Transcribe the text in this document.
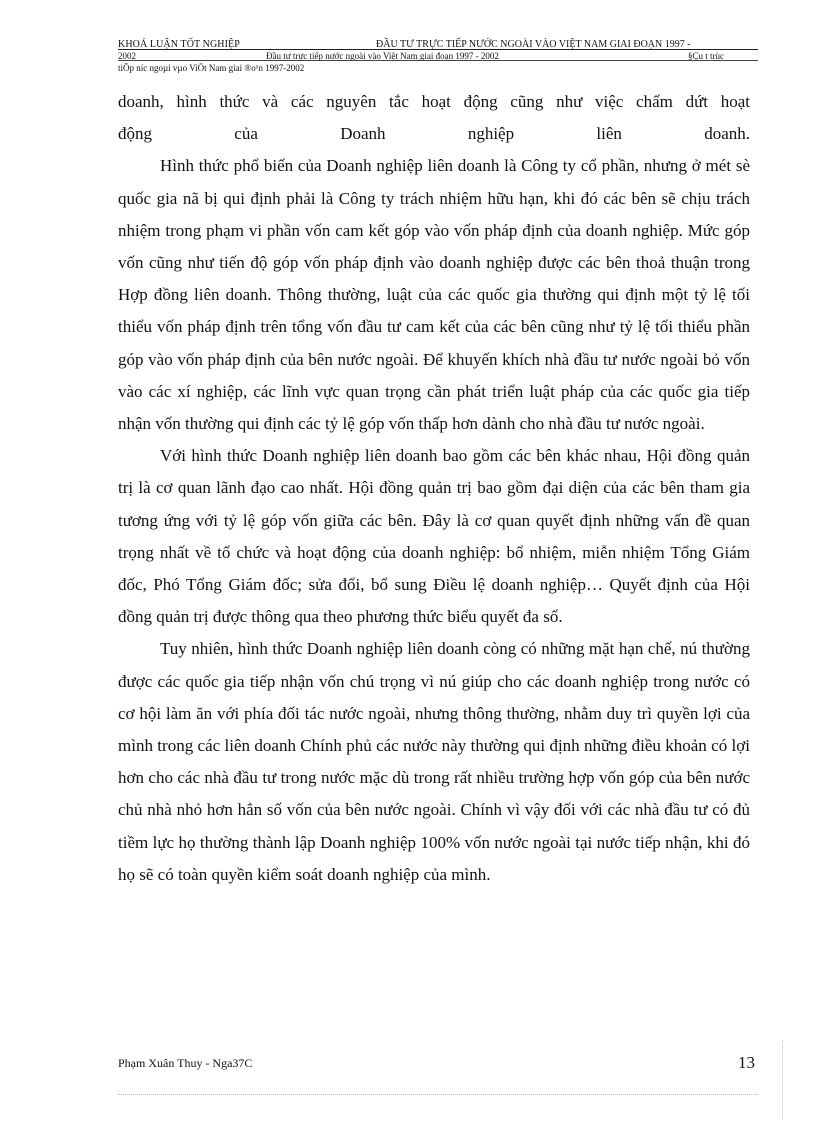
KHOÁ LUẬN TỐT NGHIỆP	ĐẦU TƯ TRỰC TIẾP NƯỚC NGOÀI VÀO VIỆT NAM GIAI ĐOẠN 1997 -
2002	Đầu tư trực tiếp nước ngoài vào Việt Nam giai đoạn 1997 - 2002	§Çu t trùc
tiÕp níc ngoµi vµo ViÖt Nam giai ®o¹n 1997-2002

doanh, hình thức và các nguyên tắc hoạt động cũng như việc chấm dứt hoạt

động của Doanh nghiệp liên doanh.

Hình thức phổ biến của Doanh nghiệp liên doanh là Công ty cổ phần, nhưng ở mét sè quốc gia nã bị qui định phải là Công ty trách nhiệm hữu hạn, khi đó các bên sẽ chịu trách nhiệm trong phạm vi phần vốn cam kết góp vào vốn pháp định của doanh nghiệp. Mức góp vốn cũng như tiến độ góp vốn pháp định vào doanh nghiệp được các bên thoả thuận trong Hợp đồng liên doanh. Thông thường, luật của các quốc gia thường qui định một tỷ lệ tối thiểu vốn pháp định trên tổng vốn đầu tư cam kết của các bên cũng như tỷ lệ tối thiểu phần góp vào vốn pháp định của bên nước ngoài. Để khuyến khích nhà đầu tư nước ngoài bỏ vốn vào các xí nghiệp, các lĩnh vực quan trọng cần phát triển luật pháp của các quốc gia tiếp nhận vốn thường qui định các tỷ lệ góp vốn thấp hơn dành cho nhà đầu tư nước ngoài.

Với hình thức Doanh nghiệp liên doanh bao gồm các bên khác nhau, Hội đồng quản trị là cơ quan lãnh đạo cao nhất. Hội đồng quản trị bao gồm đại diện của các bên tham gia tương ứng với tỷ lệ góp vốn giữa các bên. Đây là cơ quan quyết định những vấn đề quan trọng nhất về tổ chức và hoạt động của doanh nghiệp: bổ nhiệm, miễn nhiệm Tổng Giám đốc, Phó Tổng Giám đốc; sửa đổi, bổ sung Điều lệ doanh nghiệp… Quyết định của Hội đồng quản trị được thông qua theo phương thức biểu quyết đa số.

Tuy nhiên, hình thức Doanh nghiệp liên doanh còng có những mặt hạn chế, nú thường được các quốc gia tiếp nhận vốn chú trọng vì nú giúp cho các doanh nghiệp trong nước có cơ hội làm ăn với phía đối tác nước ngoài, nhưng thông thường, nhằm duy trì quyền lợi của mình trong các liên doanh Chính phủ các nước này thường qui định những điều khoản có lợi hơn cho các nhà đầu tư trong nước mặc dù trong rất nhiều trường hợp vốn góp của bên nước chủ nhà nhỏ hơn hẳn số vốn của bên nước ngoài. Chính vì vậy đối với các nhà đầu tư có đủ tiềm lực họ thường thành lập Doanh nghiệp 100% vốn nước ngoài tại nước tiếp nhận, khi đó họ sẽ có toàn quyền kiểm soát doanh nghiệp của mình.

Phạm Xuân Thuy - Nga37C	13
